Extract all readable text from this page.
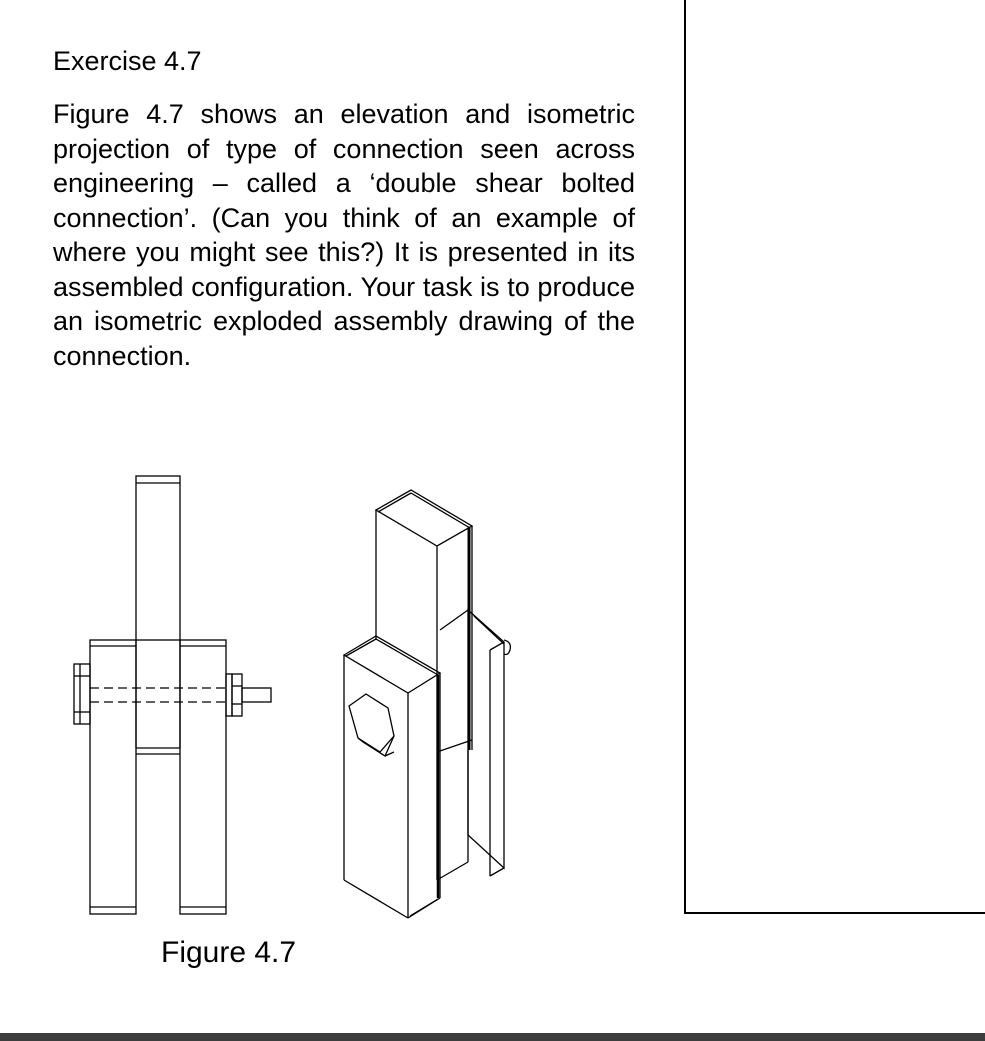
Exercise 4.7

Figure 4.7 shows an elevation and isometric projection of type of connection seen across engineering – called a ‘double shear bolted connection’. (Can you think of an example of where you might see this?) It is presented in its assembled configuration. Your task is to produce an isometric exploded assembly drawing of the connection.

Figure 4.7
